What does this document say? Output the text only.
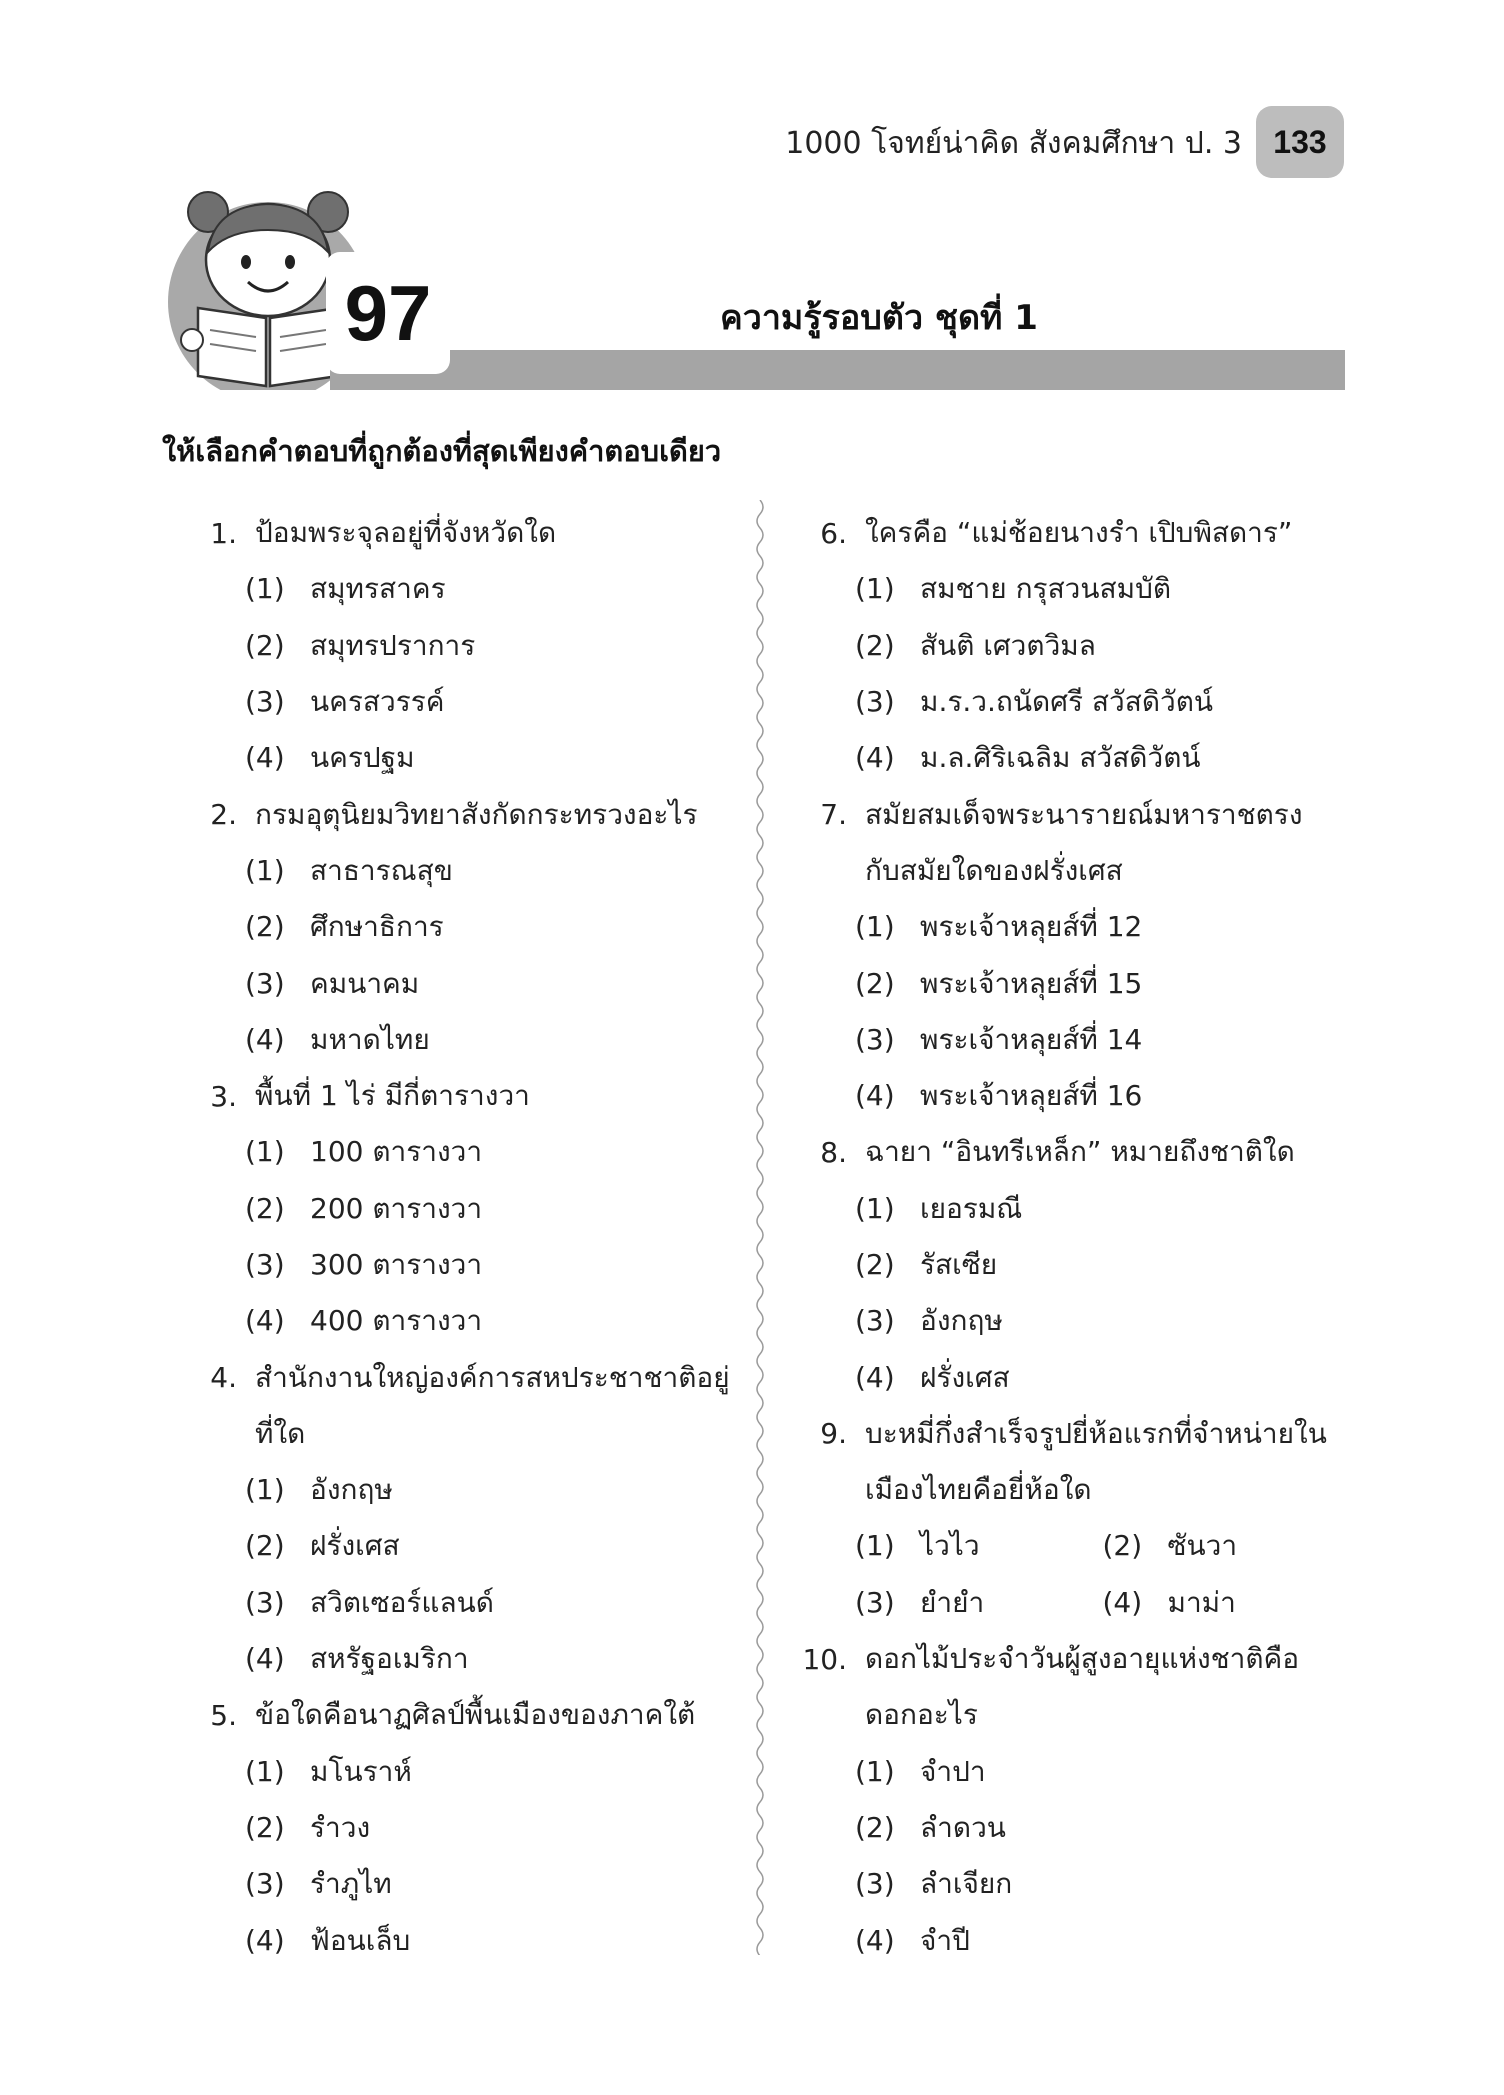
1000 โจทย์น่าคิด สังคมศึกษา ป. 3 133
97	ความรู้รอบตัว ชุดที่ 1
ให้เลือกคำตอบที่ถูกต้องที่สุดเพียงคำตอบเดียว
1. ป้อมพระจุลอยู่ที่จังหวัดใด
(1) สมุทรสาคร
(2) สมุทรปราการ
(3) นครสวรรค์
(4) นครปฐม
2. กรมอุตุนิยมวิทยาสังกัดกระทรวงอะไร
(1) สาธารณสุข
(2) ศึกษาธิการ
(3) คมนาคม
(4) มหาดไทย
3. พื้นที่ 1 ไร่ มีกี่ตารางวา
(1) 100 ตารางวา
(2) 200 ตารางวา
(3) 300 ตารางวา
(4) 400 ตารางวา
4. สำนักงานใหญ่องค์การสหประชาชาติอยู่
ที่ใด
(1) อังกฤษ
(2) ฝรั่งเศส
(3) สวิตเซอร์แลนด์
(4) สหรัฐอเมริกา
5. ข้อใดคือนาฏศิลป์พื้นเมืองของภาคใต้
(1) มโนราห์
(2) รำวง
(3) รำภูไท
(4) ฟ้อนเล็บ
6. ใครคือ “แม่ช้อยนางรำ เปิบพิสดาร”
(1) สมชาย กรุสวนสมบัติ
(2) สันติ เศวตวิมล
(3) ม.ร.ว.ถนัดศรี สวัสดิวัตน์
(4) ม.ล.ศิริเฉลิม สวัสดิวัตน์
7. สมัยสมเด็จพระนารายณ์มหาราชตรง
กับสมัยใดของฝรั่งเศส
(1) พระเจ้าหลุยส์ที่ 12
(2) พระเจ้าหลุยส์ที่ 15
(3) พระเจ้าหลุยส์ที่ 14
(4) พระเจ้าหลุยส์ที่ 16
8. ฉายา “อินทรีเหล็ก” หมายถึงชาติใด
(1) เยอรมณี
(2) รัสเซีย
(3) อังกฤษ
(4) ฝรั่งเศส
9. บะหมี่กึ่งสำเร็จรูปยี่ห้อแรกที่จำหน่ายใน
เมืองไทยคือยี่ห้อใด
(1) ไวไว	(2) ซันวา
(3) ยำยำ	(4) มาม่า
10. ดอกไม้ประจำวันผู้สูงอายุแห่งชาติคือ
ดอกอะไร
(1) จำปา
(2) ลำดวน
(3) ลำเจียก
(4) จำปี
